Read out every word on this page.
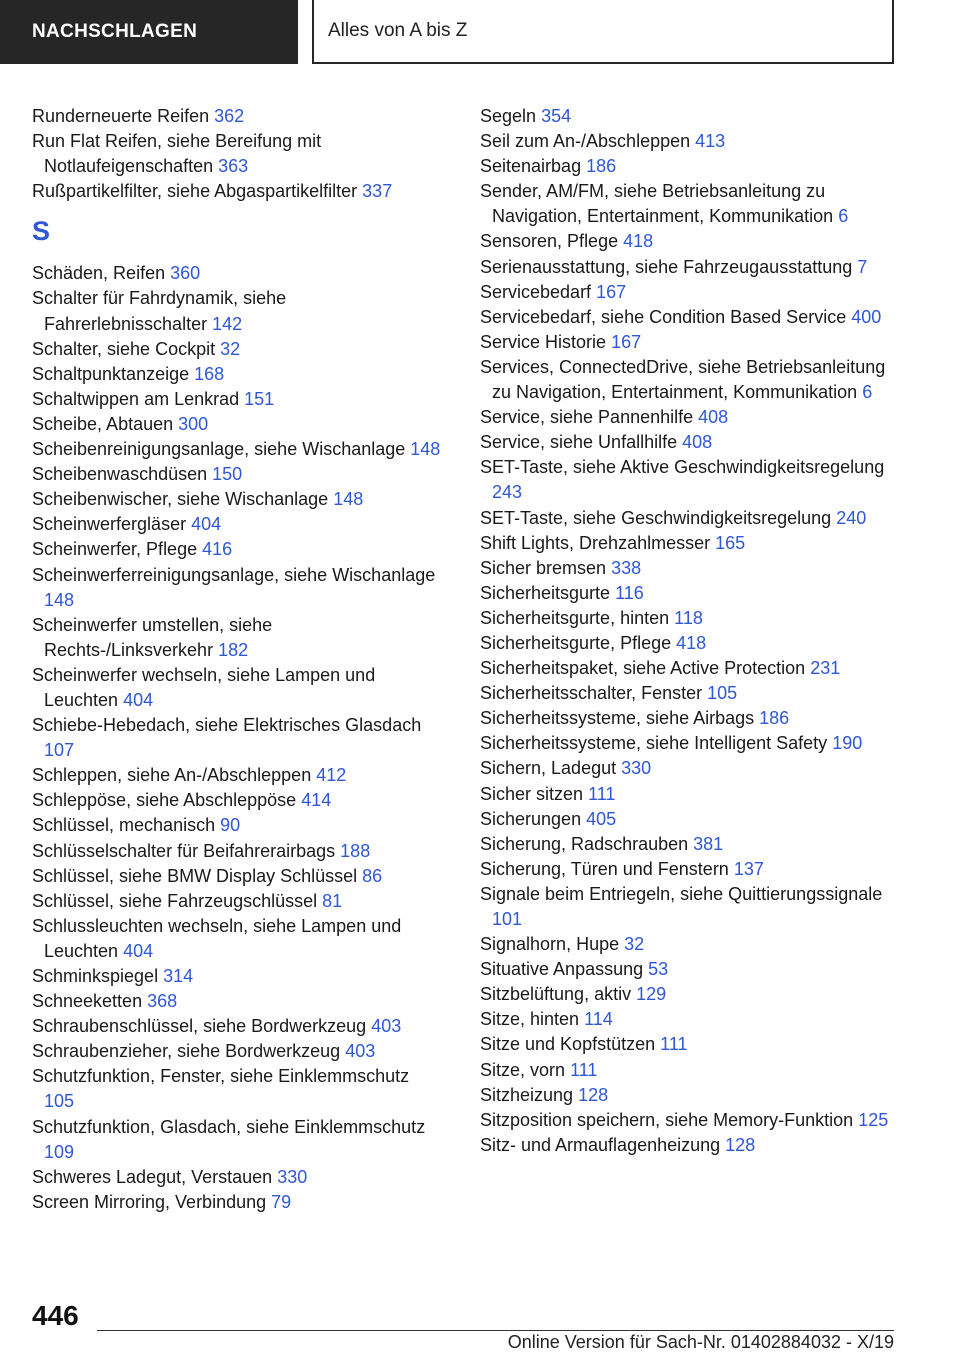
NACHSCHLAGEN	Alles von A bis Z
Runderneuerte Reifen 362
Run Flat Reifen, siehe Bereifung mit Notlaufeigenschaften 363
Rußpartikelfilter, siehe Abgaspartikelfilter 337
S
Schäden, Reifen 360
Schalter für Fahrdynamik, siehe Fahrerlebnisschalter 142
Schalter, siehe Cockpit 32
Schaltpunktanzeige 168
Schaltwippen am Lenkrad 151
Scheibe, Abtauen 300
Scheibenreinigungsanlage, siehe Wischanlage 148
Scheibenwaschdüsen 150
Scheibenwischer, siehe Wischanlage 148
Scheinwerfergläser 404
Scheinwerfer, Pflege 416
Scheinwerferreinigungsanlage, siehe Wischanlage 148
Scheinwerfer umstellen, siehe Rechts-/Linksverkehr 182
Scheinwerfer wechseln, siehe Lampen und Leuchten 404
Schiebe-Hebedach, siehe Elektrisches Glasdach 107
Schleppen, siehe An-/Abschleppen 412
Schleppöse, siehe Abschleppöse 414
Schlüssel, mechanisch 90
Schlüsselschalter für Beifahrerairbags 188
Schlüssel, siehe BMW Display Schlüssel 86
Schlüssel, siehe Fahrzeugschlüssel 81
Schlussleuchten wechseln, siehe Lampen und Leuchten 404
Schminkspiegel 314
Schneeketten 368
Schraubenschlüssel, siehe Bordwerkzeug 403
Schraubenzieher, siehe Bordwerkzeug 403
Schutzfunktion, Fenster, siehe Einklemmschutz 105
Schutzfunktion, Glasdach, siehe Einklemmschutz 109
Schweres Ladegut, Verstauen 330
Screen Mirroring, Verbindung 79
Segeln 354
Seil zum An-/Abschleppen 413
Seitenairbag 186
Sender, AM/FM, siehe Betriebsanleitung zu Navigation, Entertainment, Kommunikation 6
Sensoren, Pflege 418
Serienausstattung, siehe Fahrzeugausstattung 7
Servicebedarf 167
Servicebedarf, siehe Condition Based Service 400
Service Historie 167
Services, ConnectedDrive, siehe Betriebsanleitung zu Navigation, Entertainment, Kommunikation 6
Service, siehe Pannenhilfe 408
Service, siehe Unfallhilfe 408
SET-Taste, siehe Aktive Geschwindigkeitsregelung 243
SET-Taste, siehe Geschwindigkeitsregelung 240
Shift Lights, Drehzahlmesser 165
Sicher bremsen 338
Sicherheitsgurte 116
Sicherheitsgurte, hinten 118
Sicherheitsgurte, Pflege 418
Sicherheitspaket, siehe Active Protection 231
Sicherheitsschalter, Fenster 105
Sicherheitssysteme, siehe Airbags 186
Sicherheitssysteme, siehe Intelligent Safety 190
Sichern, Ladegut 330
Sicher sitzen 111
Sicherungen 405
Sicherung, Radschrauben 381
Sicherung, Türen und Fenstern 137
Signale beim Entriegeln, siehe Quittierungssignale 101
Signalhorn, Hupe 32
Situative Anpassung 53
Sitzbelüftung, aktiv 129
Sitze, hinten 114
Sitze und Kopfstützen 111
Sitze, vorn 111
Sitzheizung 128
Sitzposition speichern, siehe Memory-Funktion 125
Sitz- und Armauflagenheizung 128
446
Online Version für Sach-Nr. 01402884032 - X/19
